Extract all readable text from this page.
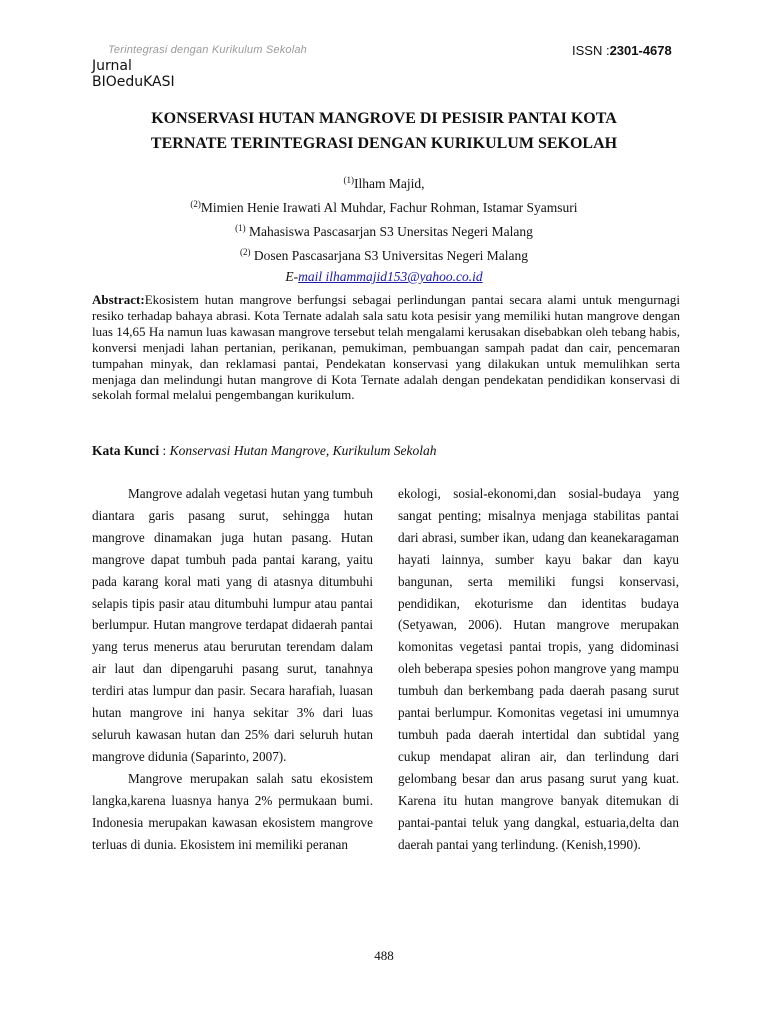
Terintegrasi dengan Kurikulum Sekolah
Jurnal
BIOeduKASI
ISSN :2301-4678
KONSERVASI HUTAN MANGROVE DI PESISIR PANTAI KOTA
TERNATE TERINTEGRASI DENGAN KURIKULUM SEKOLAH
$^{(1)}$Ilham Majid,
$^{(2)}$Mimien Henie Irawati Al Muhdar, Fachur Rohman, Istamar Syamsuri
$^{(1)}$ Mahasiswa Pascasarjan S3 Unersitas Negeri Malang
$^{(2)}$ Dosen Pascasarjana S3 Universitas Negeri Malang
E-mail ilhammajid153@yahoo.co.id
Abstract:Ekosistem hutan mangrove berfungsi sebagai perlindungan pantai secara alami untuk mengurnagi resiko terhadap bahaya abrasi. Kota Ternate adalah sala satu kota pesisir yang memiliki hutan mangrove dengan luas 14,65 Ha namun luas kawasan mangrove tersebut telah mengalami kerusakan disebabkan oleh tebang habis, konversi menjadi lahan pertanian, perikanan, pemukiman, pembuangan sampah padat dan cair, pencemaran tumpahan minyak, dan reklamasi pantai, Pendekatan konservasi yang dilakukan untuk memulihkan serta menjaga dan melindungi hutan mangrove di Kota Ternate adalah dengan pendekatan pendidikan konservasi di sekolah formal melalui pengembangan kurikulum.
Kata Kunci : Konservasi Hutan Mangrove, Kurikulum Sekolah

Mangrove adalah vegetasi hutan yang tumbuh diantara garis pasang surut, sehingga hutan mangrove dinamakan juga hutan pasang. Hutan mangrove dapat tumbuh pada pantai karang, yaitu pada karang koral mati yang di atasnya ditumbuhi selapis tipis pasir atau ditumbuhi lumpur atau pantai berlumpur. Hutan mangrove terdapat didaerah pantai yang terus menerus atau berurutan terendam dalam air laut dan dipengaruhi pasang surut, tanahnya terdiri atas lumpur dan pasir. Secara harafiah, luasan hutan mangrove ini hanya sekitar 3% dari luas seluruh kawasan hutan dan 25% dari seluruh hutan mangrove didunia (Saparinto, 2007).

Mangrove merupakan salah satu ekosistem langka,karena luasnya hanya 2% permukaan bumi. Indonesia merupakan kawasan ekosistem mangrove terluas di dunia. Ekosistem ini memiliki peranan

ekologi, sosial-ekonomi,dan sosial-budaya yang sangat penting; misalnya menjaga stabilitas pantai dari abrasi, sumber ikan, udang dan keanekaragaman hayati lainnya, sumber kayu bakar dan kayu bangunan, serta memiliki fungsi konservasi, pendidikan, ekoturisme dan identitas budaya (Setyawan, 2006). Hutan mangrove merupakan komonitas vegetasi pantai tropis, yang didominasi oleh beberapa spesies pohon mangrove yang mampu tumbuh dan berkembang pada daerah pasang surut pantai berlumpur. Komonitas vegetasi ini umumnya tumbuh pada daerah intertidal dan subtidal yang cukup mendapat aliran air, dan terlindung dari gelombang besar dan arus pasang surut yang kuat. Karena itu hutan mangrove banyak ditemukan di pantai-pantai teluk yang dangkal, estuaria,delta dan daerah pantai yang terlindung. (Kenish,1990).

488
